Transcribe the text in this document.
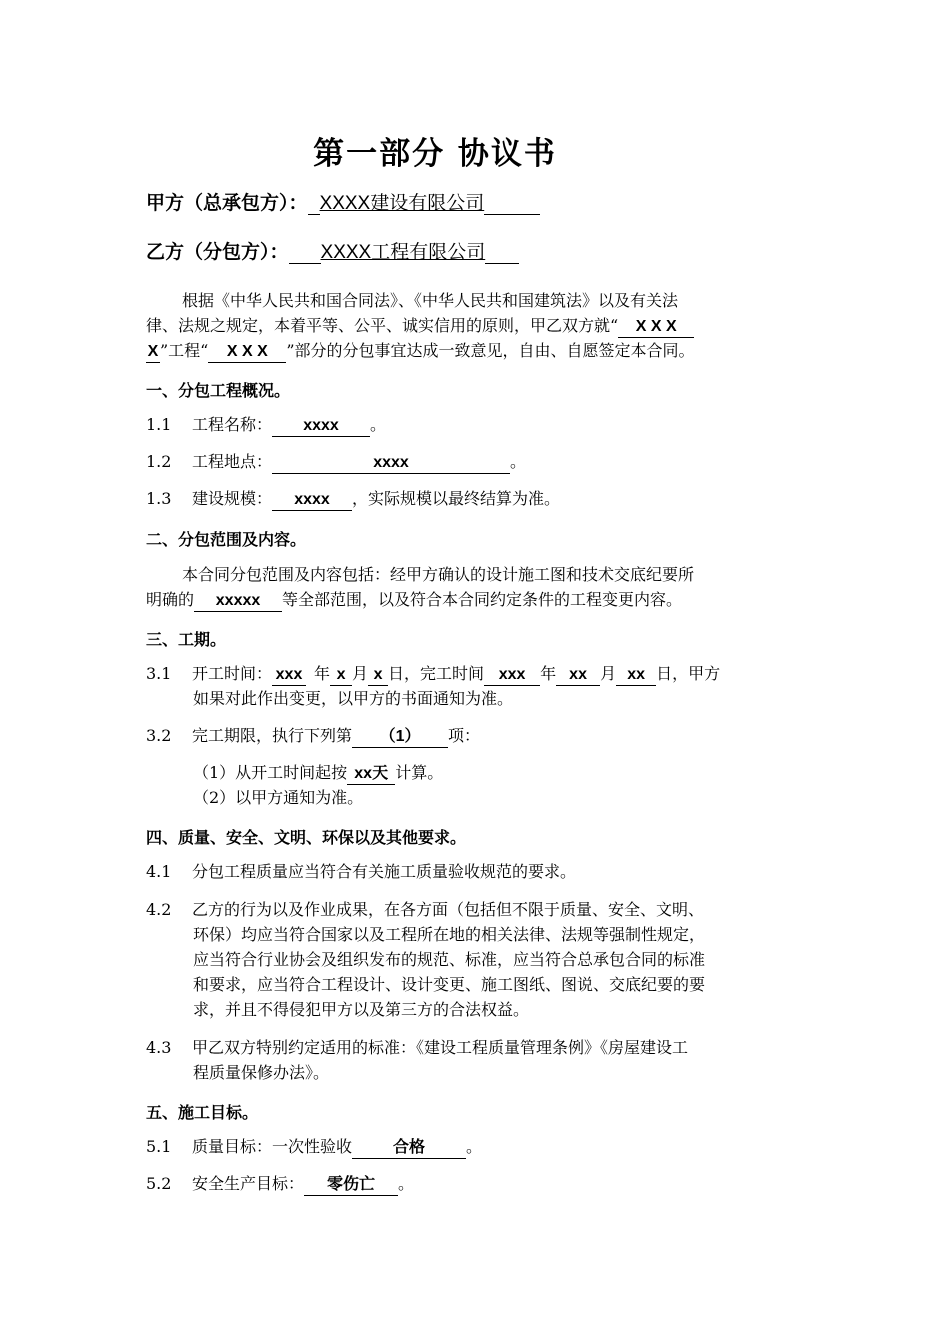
第一部分 协议书
甲方（总承包方）： XXXX建设有限公司
乙方（分包方）： XXXX工程有限公司
根据《中华人民共和国合同法》、《中华人民共和国建筑法》以及有关法
律、法规之规定，本着平等、公平、诚实信用的原则，甲乙双方就“ X X X
X ”工程“ X X X ”部分的分包事宜达成一致意见，自由、自愿签定本合同。
一、分包工程概况。
1.1 工程名称： xxxx 。
1.2 工程地点：	xxxx	。
1.3 建设规模： xxxx ，实际规模以最终结算为准。
二、分包范围及内容。
本合同分包范围及内容包括：经甲方确认的设计施工图和技术交底纪要所
明确的 xxxxx 等全部范围，以及符合本合同约定条件的工程变更内容。
三、工期。
3.1 开工时间： xxx 年 x 月 x 日，完工时间 xxx 年 xx 月 xx 日，甲方
如果对此作出变更，以甲方的书面通知为准。
3.2 完工期限，执行下列第 （1） 项：
（1）从开工时间起按 xx天 计算。
（2）以甲方通知为准。
四、质量、安全、文明、环保以及其他要求。
4.1 分包工程质量应当符合有关施工质量验收规范的要求。
4.2 乙方的行为以及作业成果，在各方面（包括但不限于质量、安全、文明、
环保）均应当符合国家以及工程所在地的相关法律、法规等强制性规定，
应当符合行业协会及组织发布的规范、标准，应当符合总承包合同的标准
和要求，应当符合工程设计、设计变更、施工图纸、图说、交底纪要的要
求，并且不得侵犯甲方以及第三方的合法权益。
4.3 甲乙双方特别约定适用的标准：《建设工程质量管理条例》《房屋建设工
程质量保修办法》。
五、施工目标。
5.1 质量目标：一次性验收	合格	。
5.2 安全生产目标： 零伤亡 。
